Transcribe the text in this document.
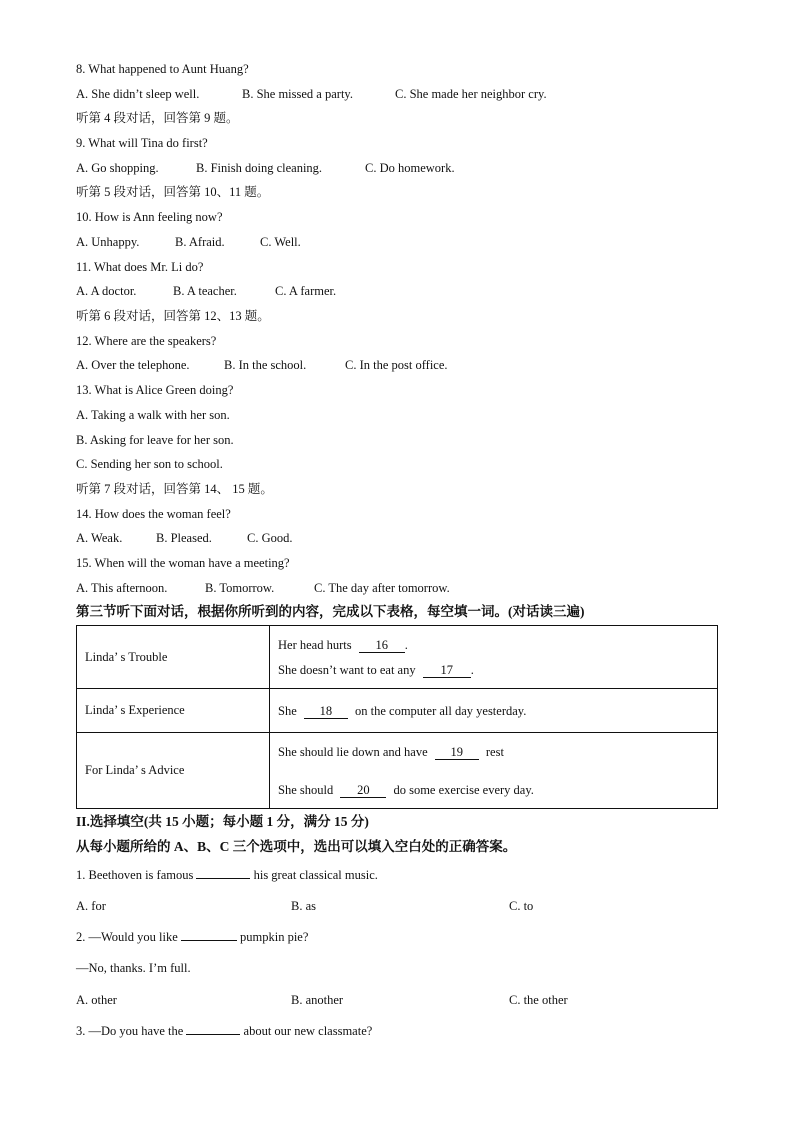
8. What happened to Aunt Huang?
A. She didn’t sleep well.	B. She missed a party.	C. She made her neighbor cry.
听第 4 段对话，回答第 9 题。
9. What will Tina do first?
A. Go shopping.	B. Finish doing cleaning.	C. Do homework.
听第 5 段对话，回答第 10、11 题。
10. How is Ann feeling now?
A. Unhappy.	B. Afraid.	C. Well.
11. What does Mr. Li do?
A. A doctor.	B. A teacher.	C. A farmer.
听第 6 段对话，回答第 12、13 题。
12. Where are the speakers?
A. Over the telephone.	B. In the school.	C. In the post office.
13. What is Alice Green doing?
A. Taking a walk with her son.
B. Asking for leave for her son.
C. Sending her son to school.
听第 7 段对话，回答第 14、 15 题。
14. How does the woman feel?
A. Weak.	B. Pleased.	C. Good.
15. When will the woman have a meeting?
A. This afternoon.	B. Tomorrow.	C. The day after tomorrow.
第三节听下面对话，根据你所听到的内容，完成以下表格，每空填一词。(对话读三遍)
Linda’ s Trouble	Her head hurts 16 .
She doesn’t want to eat any 17 .

Linda’ s Experience	She 18 on the computer all day yesterday.

For Linda’ s Advice	She should lie down and have 19 rest
She should 20 do some exercise every day.
II.选择填空(共 15 小题；每小题 1 分，满分 15 分)
从每小题所给的 A、B、C 三个选项中，选出可以填入空白处的正确答案。
1. Beethoven is famous	his great classical music.
A. for	B. as	C. to
2. —Would you like	pumpkin pie?
—No, thanks. I’m full.
A. other	B. another	C. the other
3. —Do you have the	about our new classmate?
